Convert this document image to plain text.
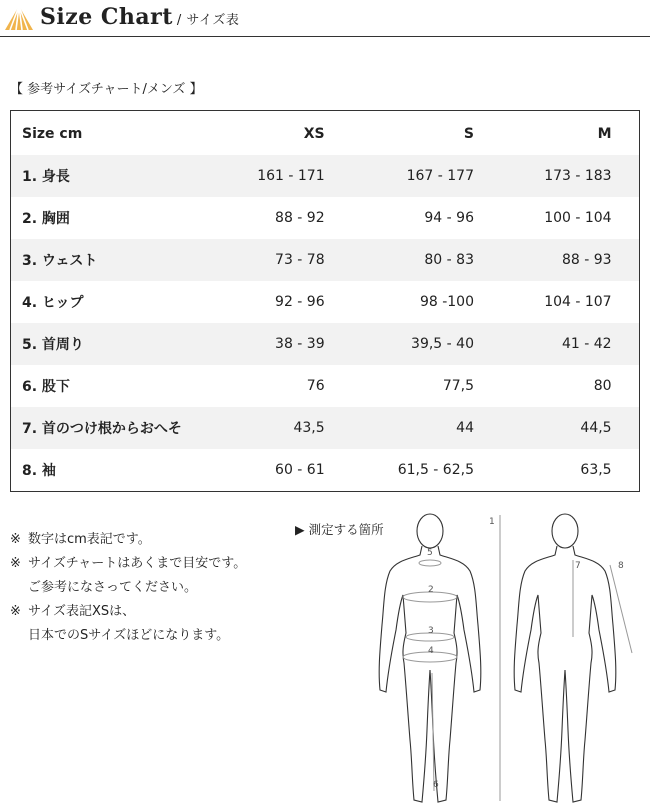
Size Chart / サイズ表
【 参考サイズチャート/メンズ 】
Size cm	XS	S	M	
1. 身長	161 - 171	167 - 177	173 - 183	
2. 胸囲	88 - 92	94 - 96	100 - 104	
3. ウェスト	73 - 78	80 - 83	88 - 93	
4. ヒップ	92 - 96	98 -100	104 - 107	
5. 首周り	38 - 39	39,5 - 40	41 - 42	
6. 股下	76	77,5	80	
7. 首のつけ根からおへそ	43,5	44	44,5	
8. 袖	60 - 61	61,5 - 62,5	63,5	
※ 数字はcm表記です。
※ サイズチャートはあくまで目安です。
ご参考になさってください。
※ サイズ表記XSは、
日本でのSサイズほどになります。
▶ 測定する箇所	1
5
2
3
4
6
7	8
